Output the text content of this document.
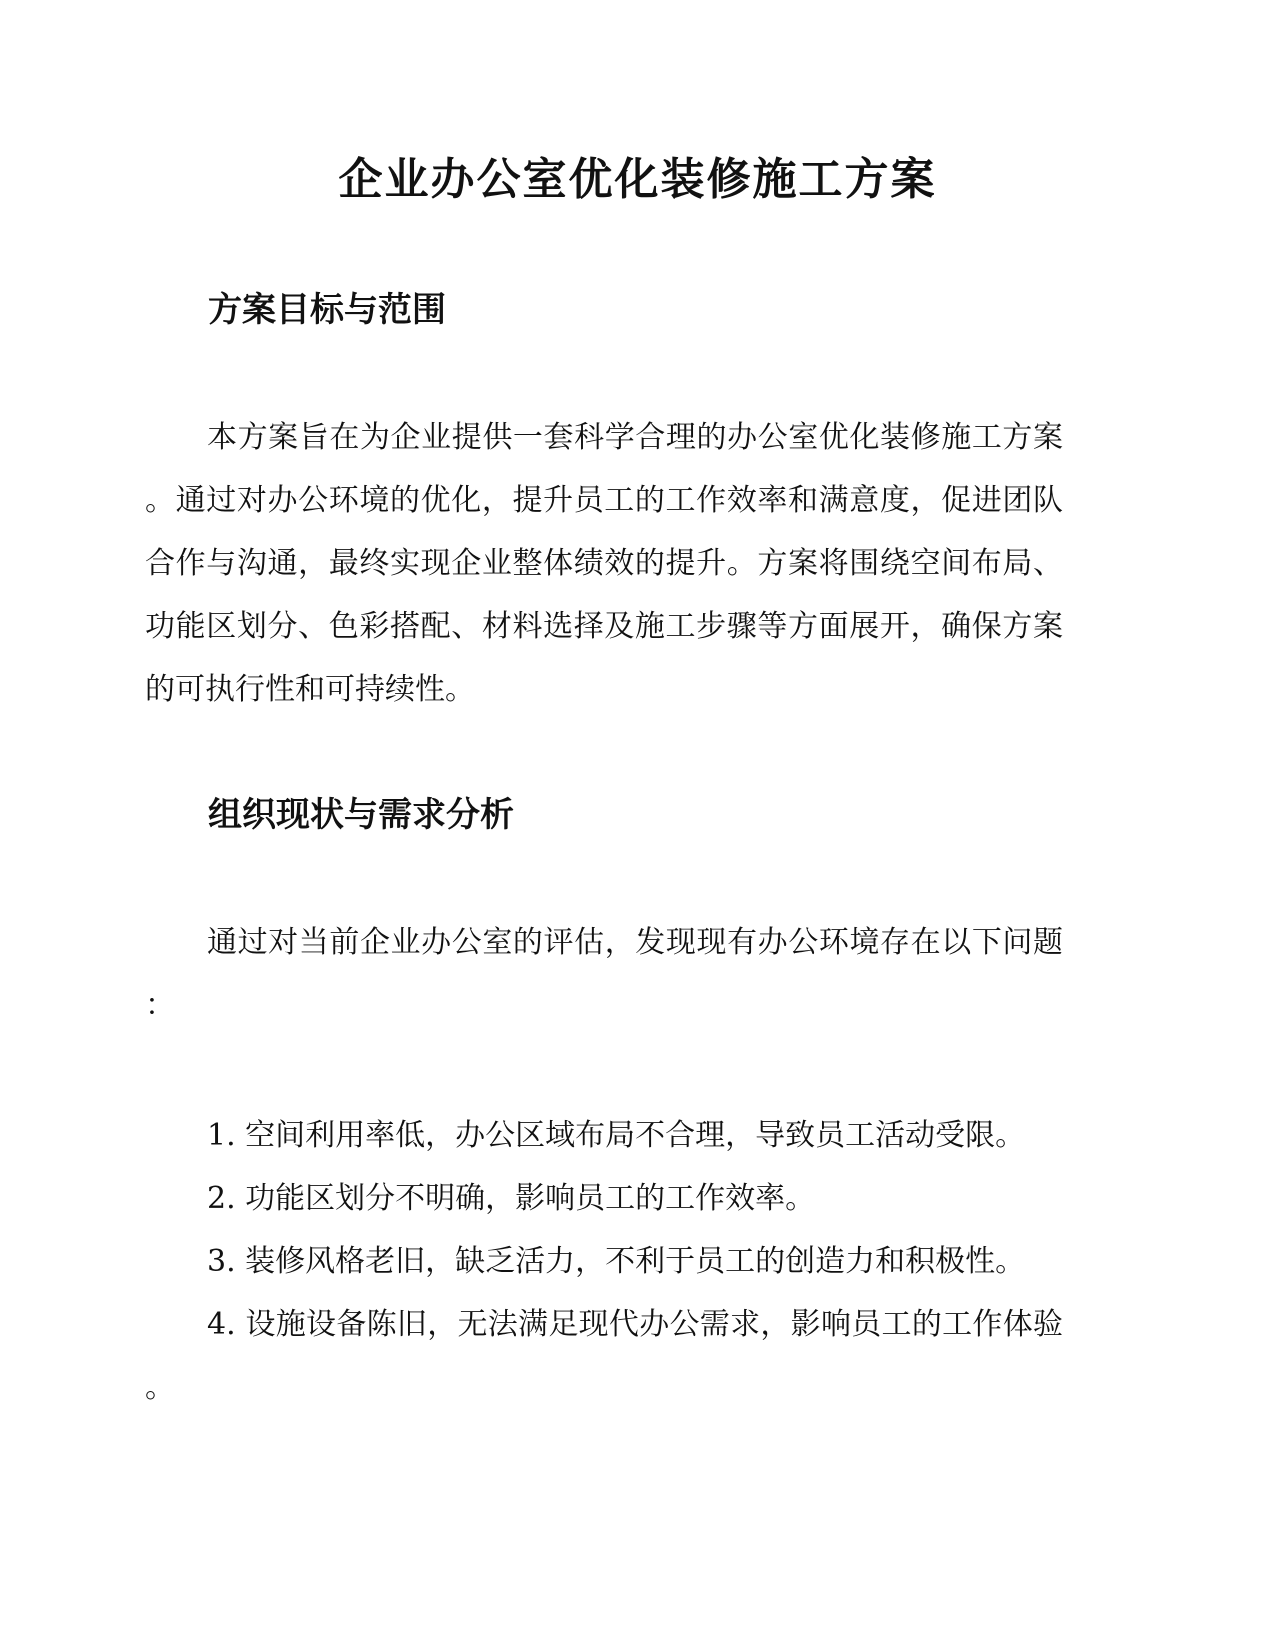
企业办公室优化装修施工方案
方案目标与范围

本方案旨在为企业提供一套科学合理的办公室优化装修施工方案。通过对办公环境的优化，提升员工的工作效率和满意度，促进团队合作与沟通，最终实现企业整体绩效的提升。方案将围绕空间布局、功能区划分、色彩搭配、材料选择及施工步骤等方面展开，确保方案的可执行性和可持续性。

组织现状与需求分析

通过对当前企业办公室的评估，发现现有办公环境存在以下问题：

1. 空间利用率低，办公区域布局不合理，导致员工活动受限。
2. 功能区划分不明确，影响员工的工作效率。
3. 装修风格老旧，缺乏活力，不利于员工的创造力和积极性。
4. 设施设备陈旧，无法满足现代办公需求，影响员工的工作体验。
